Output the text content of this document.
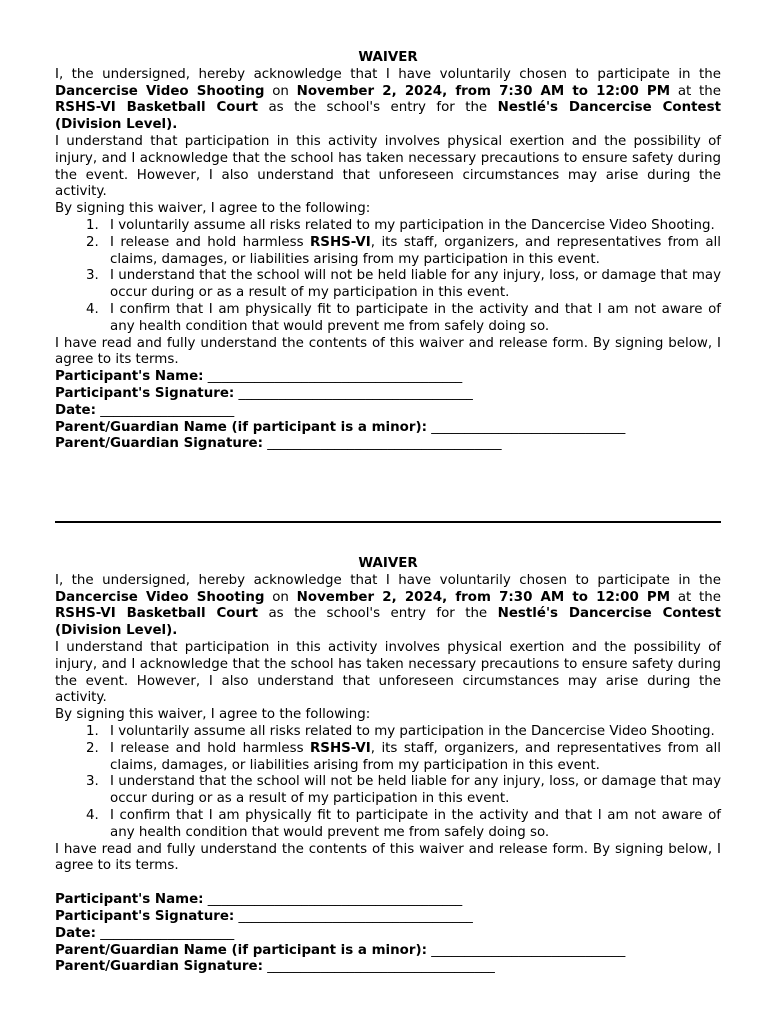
WAIVER
I, the undersigned, hereby acknowledge that I have voluntarily chosen to participate in the Dancercise Video Shooting on November 2, 2024, from 7:30 AM to 12:00 PM at the RSHS-VI Basketball Court as the school's entry for the Nestlé's Dancercise Contest (Division Level).
I understand that participation in this activity involves physical exertion and the possibility of injury, and I acknowledge that the school has taken necessary precautions to ensure safety during the event. However, I also understand that unforeseen circumstances may arise during the activity.
By signing this waiver, I agree to the following:
1. I voluntarily assume all risks related to my participation in the Dancercise Video Shooting.
2. I release and hold harmless RSHS-VI, its staff, organizers, and representatives from all claims, damages, or liabilities arising from my participation in this event.
3. I understand that the school will not be held liable for any injury, loss, or damage that may occur during or as a result of my participation in this event.
4. I confirm that I am physically fit to participate in the activity and that I am not aware of any health condition that would prevent me from safely doing so.
I have read and fully understand the contents of this waiver and release form. By signing below, I agree to its terms.
Participant's Name: ______________________________________
Participant's Signature: ___________________________________
Date: ____________________
Parent/Guardian Name (if participant is a minor): _____________________________
Parent/Guardian Signature: ___________________________________
WAIVER
I, the undersigned, hereby acknowledge that I have voluntarily chosen to participate in the Dancercise Video Shooting on November 2, 2024, from 7:30 AM to 12:00 PM at the RSHS-VI Basketball Court as the school's entry for the Nestlé's Dancercise Contest (Division Level).
I understand that participation in this activity involves physical exertion and the possibility of injury, and I acknowledge that the school has taken necessary precautions to ensure safety during the event. However, I also understand that unforeseen circumstances may arise during the activity.
By signing this waiver, I agree to the following:
1. I voluntarily assume all risks related to my participation in the Dancercise Video Shooting.
2. I release and hold harmless RSHS-VI, its staff, organizers, and representatives from all claims, damages, or liabilities arising from my participation in this event.
3. I understand that the school will not be held liable for any injury, loss, or damage that may occur during or as a result of my participation in this event.
4. I confirm that I am physically fit to participate in the activity and that I am not aware of any health condition that would prevent me from safely doing so.
I have read and fully understand the contents of this waiver and release form. By signing below, I agree to its terms.
Participant's Name: ______________________________________
Participant's Signature: ___________________________________
Date: ____________________
Parent/Guardian Name (if participant is a minor): _____________________________
Parent/Guardian Signature: __________________________________
